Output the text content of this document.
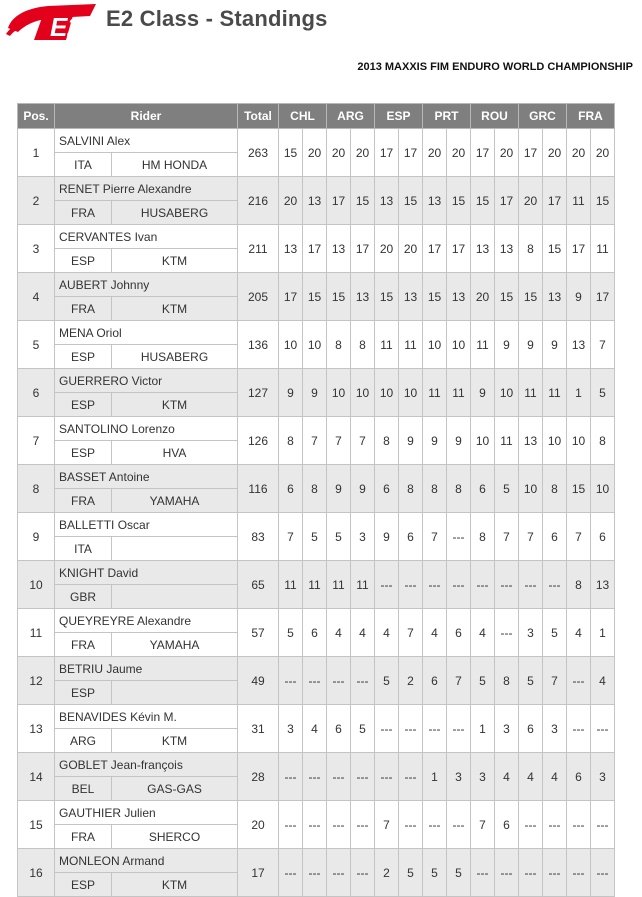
E2 E2 Class - Standings
2013 MAXXIS FIM ENDURO WORLD CHAMPIONSHIP
Pos.	Rider		Total	CHL		ARG		ESP		PRT		ROU		GRC		FRA	
1	SALVINI Alex		263	15	20	20	20	17	17	20	20	17	20	17	20	20	20
	ITA	HM HONDA															
2	RENET Pierre Alexandre		216	20	13	17	15	13	15	13	15	15	17	20	17	11	15
	FRA	HUSABERG															
3	CERVANTES Ivan		211	13	17	13	17	20	20	17	17	13	13	8	15	17	11
	ESP	KTM															
4	AUBERT Johnny		205	17	15	15	13	15	13	15	13	20	15	15	13	9	17
	FRA	KTM															
5	MENA Oriol		136	10	10	8	8	11	11	10	10	11	9	9	9	13	7
	ESP	HUSABERG															
6	GUERRERO Victor		127	9	9	10	10	10	10	11	11	9	10	11	11	1	5
	ESP	KTM															
7	SANTOLINO Lorenzo		126	8	7	7	7	8	9	9	9	10	11	13	10	10	8
	ESP	HVA															
8	BASSET Antoine		116	6	8	9	9	6	8	8	8	6	5	10	8	15	10
	FRA	YAMAHA															
9	BALLETTI Oscar		83	7	5	5	3	9	6	7	---	8	7	7	6	7	6
	ITA																
10	KNIGHT David		65	11	11	11	11	---	---	---	---	---	---	---	---	8	13
	GBR																
11	QUEYREYRE Alexandre		57	5	6	4	4	4	7	4	6	4	---	3	5	4	1
	FRA	YAMAHA															
12	BETRIU Jaume		49	---	---	---	---	5	2	6	7	5	8	5	7	---	4
	ESP																
13	BENAVIDES Kévin M.		31	3	4	6	5	---	---	---	---	1	3	6	3	---	---
	ARG	KTM															
14	GOBLET Jean-françois		28	---	---	---	---	---	---	1	3	3	4	4	4	6	3
	BEL	GAS-GAS															
15	GAUTHIER Julien		20	---	---	---	---	7	---	---	---	7	6	---	---	---	---
	FRA	SHERCO															
16	MONLEON Armand		17	---	---	---	---	2	5	5	5	---	---	---	---	---	---
	ESP	KTM															
